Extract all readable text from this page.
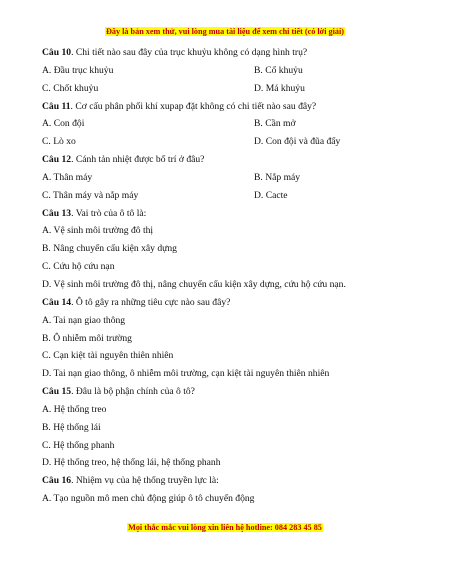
Đây là bản xem thử, vui lòng mua tài liệu để xem chi tiết (có lời giải)
Câu 10. Chi tiết nào sau đây của trục khuỷu không có dạng hình trụ?
A. Đầu trục khuỷu	B. Cổ khuỷu
C. Chốt khuỷu	D. Má khuỷu
Câu 11. Cơ cấu phân phối khí xupap đặt không có chi tiết nào sau đây?
A. Con đội	B. Cần mở
C. Lò xo	D. Con đội và đũa đẩy
Câu 12. Cánh tản nhiệt được bố trí ở đâu?
A. Thân máy	B. Nắp máy
C. Thân máy và nắp máy	D. Cacte
Câu 13. Vai trò của ô tô là:
A. Vệ sinh môi trường đô thị
B. Nâng chuyển cấu kiện xây dựng
C. Cứu hộ cứu nạn
D. Vệ sinh môi trường đô thị, nâng chuyển cấu kiện xây dựng, cứu hộ cứu nạn.
Câu 14. Ô tô gây ra những tiêu cực nào sau đây?
A. Tai nạn giao thông
B. Ô nhiễm môi trường
C. Cạn kiệt tài nguyên thiên nhiên
D. Tai nạn giao thông, ô nhiễm môi trường, cạn kiệt tài nguyên thiên nhiên
Câu 15. Đâu là bộ phận chính của ô tô?
A. Hệ thống treo
B. Hệ thống lái
C. Hệ thống phanh
D. Hệ thống treo, hệ thống lái, hệ thống phanh
Câu 16. Nhiệm vụ của hệ thống truyền lực là:
A. Tạo nguồn mô men chủ động giúp ô tô chuyển động
Mọi thắc mắc vui lòng xin liên hệ hotline: 084 283 45 85
